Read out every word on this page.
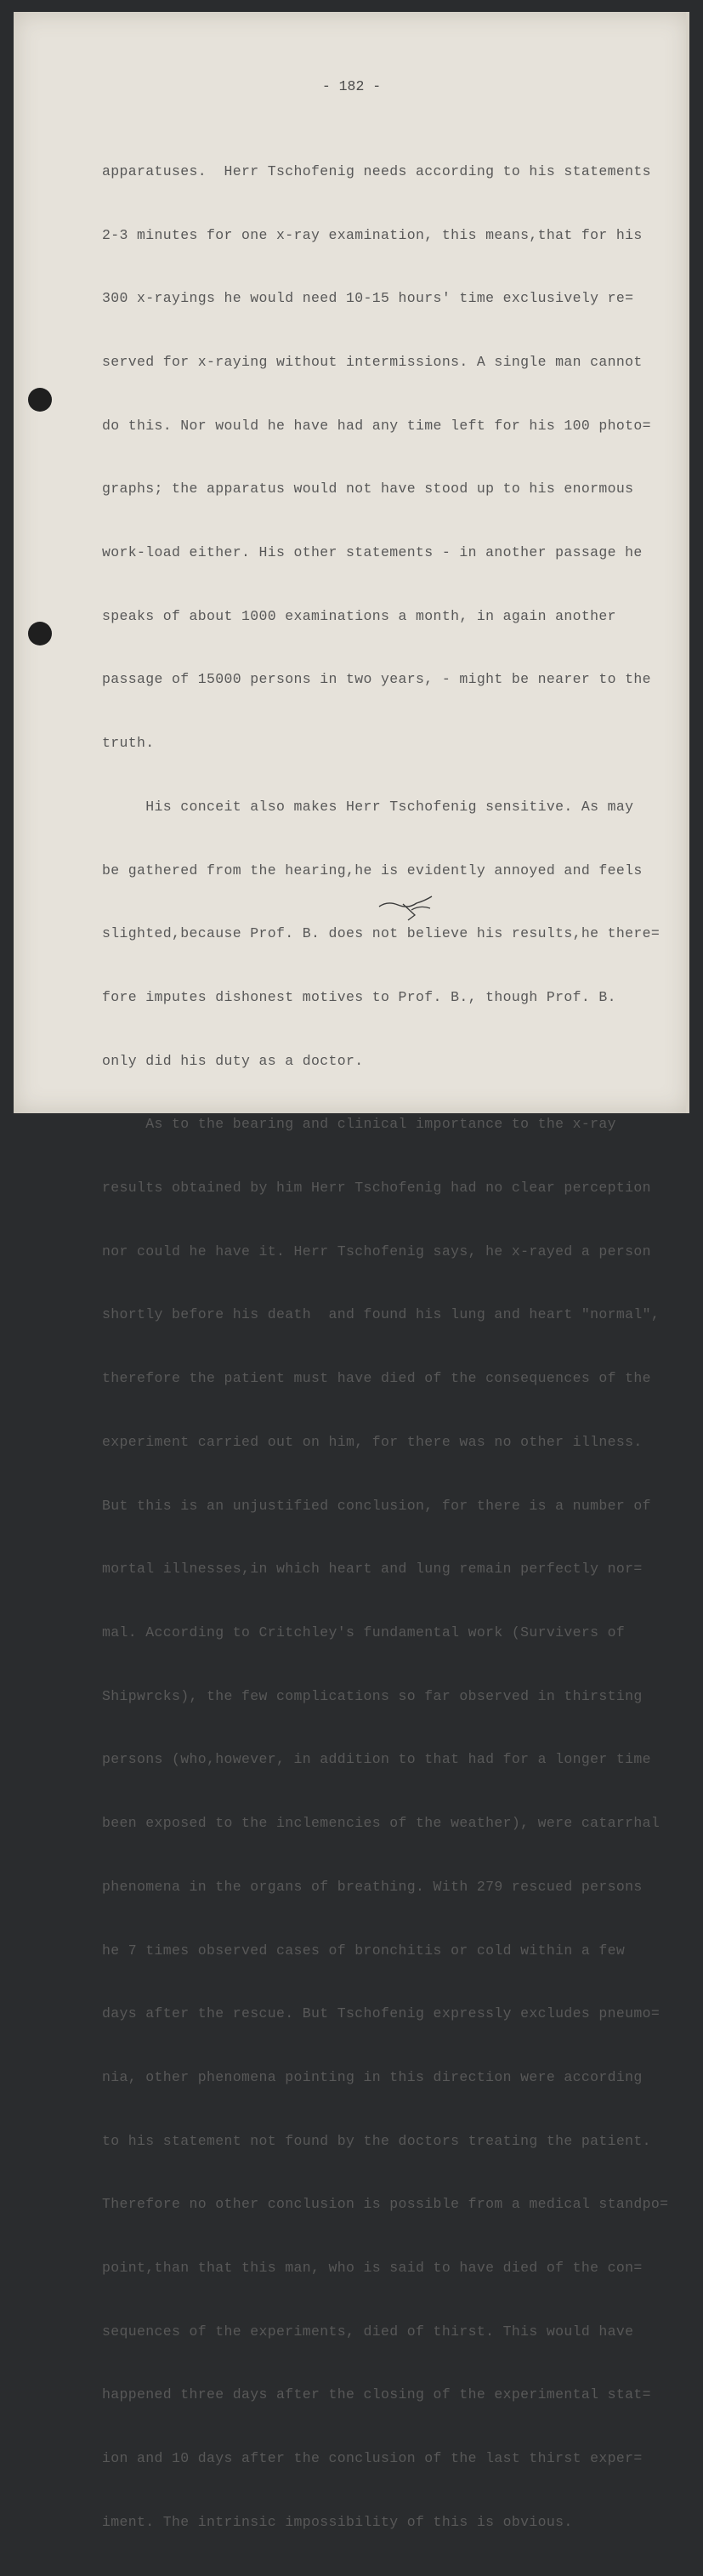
- 182 -

apparatuses.  Herr Tschofenig needs according to his statements

2-3 minutes for one x-ray examination, this means,that for his

300 x-rayings he would need 10-15 hours' time exclusively re=

served for x-raying without intermissions. A single man cannot

do this. Nor would he have had any time left for his 100 photo=

graphs; the apparatus would not have stood up to his enormous

work-load either. His other statements - in another passage he

speaks of about 1000 examinations a month, in again another

passage of 15000 persons in two years, - might be nearer to the

truth.

His conceit also makes Herr Tschofenig sensitive. As may

be gathered from the hearing,he is evidently annoyed and feels

slighted,because Prof. B. does not believe his results,he there=

fore imputes dishonest motives to Prof. B., though Prof. B.

only did his duty as a doctor.

As to the bearing and clinical importance to the x-ray

results obtained by him Herr Tschofenig had no clear perception

nor could he have it. Herr Tschofenig says, he x-rayed a person

shortly before his death  and found his lung and heart "normal",

therefore the patient must have died of the consequences of the

experiment carried out on him, for there was no other illness.

But this is an unjustified conclusion, for there is a number of

mortal illnesses,in which heart and lung remain perfectly nor=

mal. According to Critchley's fundamental work (Survivers of

Shipwrcks), the few complications so far observed in thirsting

persons (who,however, in addition to that had for a longer time

been exposed to the inclemencies of the weather), were catarrhal

phenomena in the organs of breathing. With 279 rescued persons

he 7 times observed cases of bronchitis or cold within a few

days after the rescue. But Tschofenig expressly excludes pneumo=

nia, other phenomena pointing in this direction were according

to his statement not found by the doctors treating the patient.

Therefore no other conclusion is possible from a medical standpo=

point,than that this man, who is said to have died of the con=

sequences of the experiments, died of thirst. This would have

happened three days after the closing of the experimental stat=

ion and 10 days after the conclusion of the last thirst exper=

iment. The intrinsic impossibility of this is obvious.
